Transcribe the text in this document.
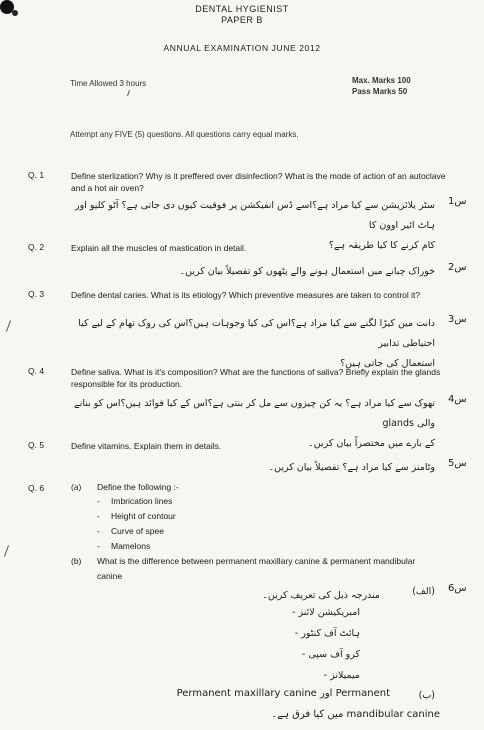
DENTAL HYGIENIST
PAPER B
ANNUAL EXAMINATION JUNE 2012
Time Allowed 3 hours	Max. Marks 100
Pass Marks 50
Attempt any FIVE (5) questions. All questions carry equal marks.
Q. 1	Define sterlization? Why is it preffered over disinfection? What is the mode of action of an autoclave and a hot air oven?
س1
سٹر یلائزیشن سے کیا مراد ہے؟اسے ڈس انفیکشن پر فوقیت کیوں دی جاتی ہے؟ آٹو کلیو اور ہاٹ ائیر اوون کا
کام کرنے کا کیا طریقہ ہے؟
Q. 2	Explain all the muscles of mastication in detail.
س2
خوراک چبانے میں استعمال ہونے والے پٹھوں کو تفصیلاً بیان کریں۔
Q. 3	Define dental caries. What is its etiology? Which preventive measures are taken to control it?
س3
دانت میں کیڑا لگنے سے کیا مراد ہے؟اس کی کیا وجوہات ہیں؟اس کی روک تھام کے لیے کیا احتیاطی تدابیر
استعمال کی جاتی ہیں؟
Q. 4	Define saliva. What is it's composition? What are the functions of saliva? Briefly explain the glands responsible for its production.
س4
تھوک سے کیا مراد ہے؟ یہ کن چیزوں سے مل کر بنتی ہے؟اس کے کیا فوائد ہیں؟اس کو بنانے والی glands
کے بارے میں مختصراً بیان کریں۔
Q. 5	Define vitamins. Explain them in details.
س5
وٹامنز سے کیا مراد ہے؟ تفصیلاً بیان کریں۔
Q. 6	(a) Define the following :-
- Imbrication lines
- Height of contour
- Curve of spee
- Mamelons
(b) What is the difference between permanent maxillary canine & permanent mandibular canine
س6
(الف)
مندرجہ ذیل کی تعریف کریں۔
امبریکیشن لائنز -
ہائٹ آف کنٹور -
کرو آف سپی -
میمیلانز -
(ب)
Permanent اور Permanent maxillary canine
mandibular canine میں کیا فرق ہے۔
